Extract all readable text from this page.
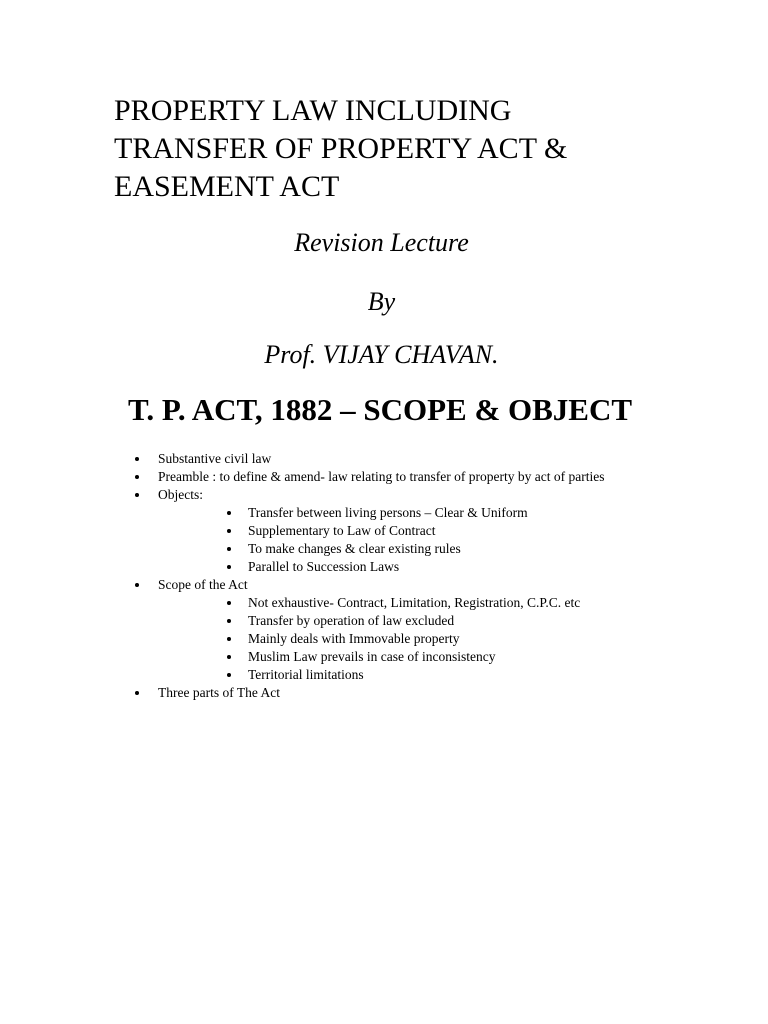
PROPERTY LAW INCLUDING
TRANSFER OF PROPERTY ACT &
EASEMENT ACT

Revision Lecture

By

Prof. VIJAY CHAVAN.

T. P. ACT, 1882 – SCOPE & OBJECT
Substantive civil law
Preamble : to define & amend- law relating to transfer of property by act of parties
Objects:
Transfer between living persons – Clear & Uniform
Supplementary to Law of Contract
To make changes & clear existing rules
Parallel to Succession Laws
Scope of the Act
Not exhaustive- Contract, Limitation, Registration, C.P.C. etc
Transfer by operation of law excluded
Mainly deals with Immovable property
Muslim Law prevails in case of inconsistency
Territorial limitations
Three parts of The Act
